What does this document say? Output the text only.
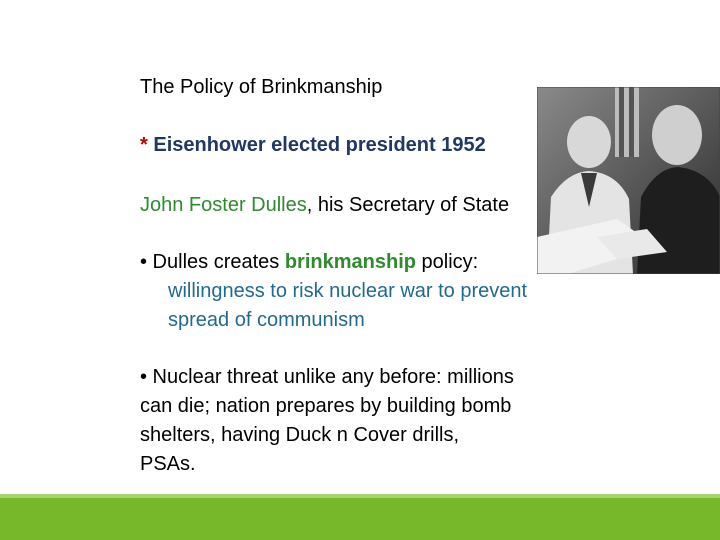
The Policy of Brinkmanship
* Eisenhower elected president 1952
John Foster Dulles, his Secretary of State
• Dulles creates brinkmanship policy:
willingness to risk nuclear war to prevent spread of communism
• Nuclear threat unlike any before: millions can die; nation prepares by building bomb shelters, having Duck n Cover drills, PSAs.
